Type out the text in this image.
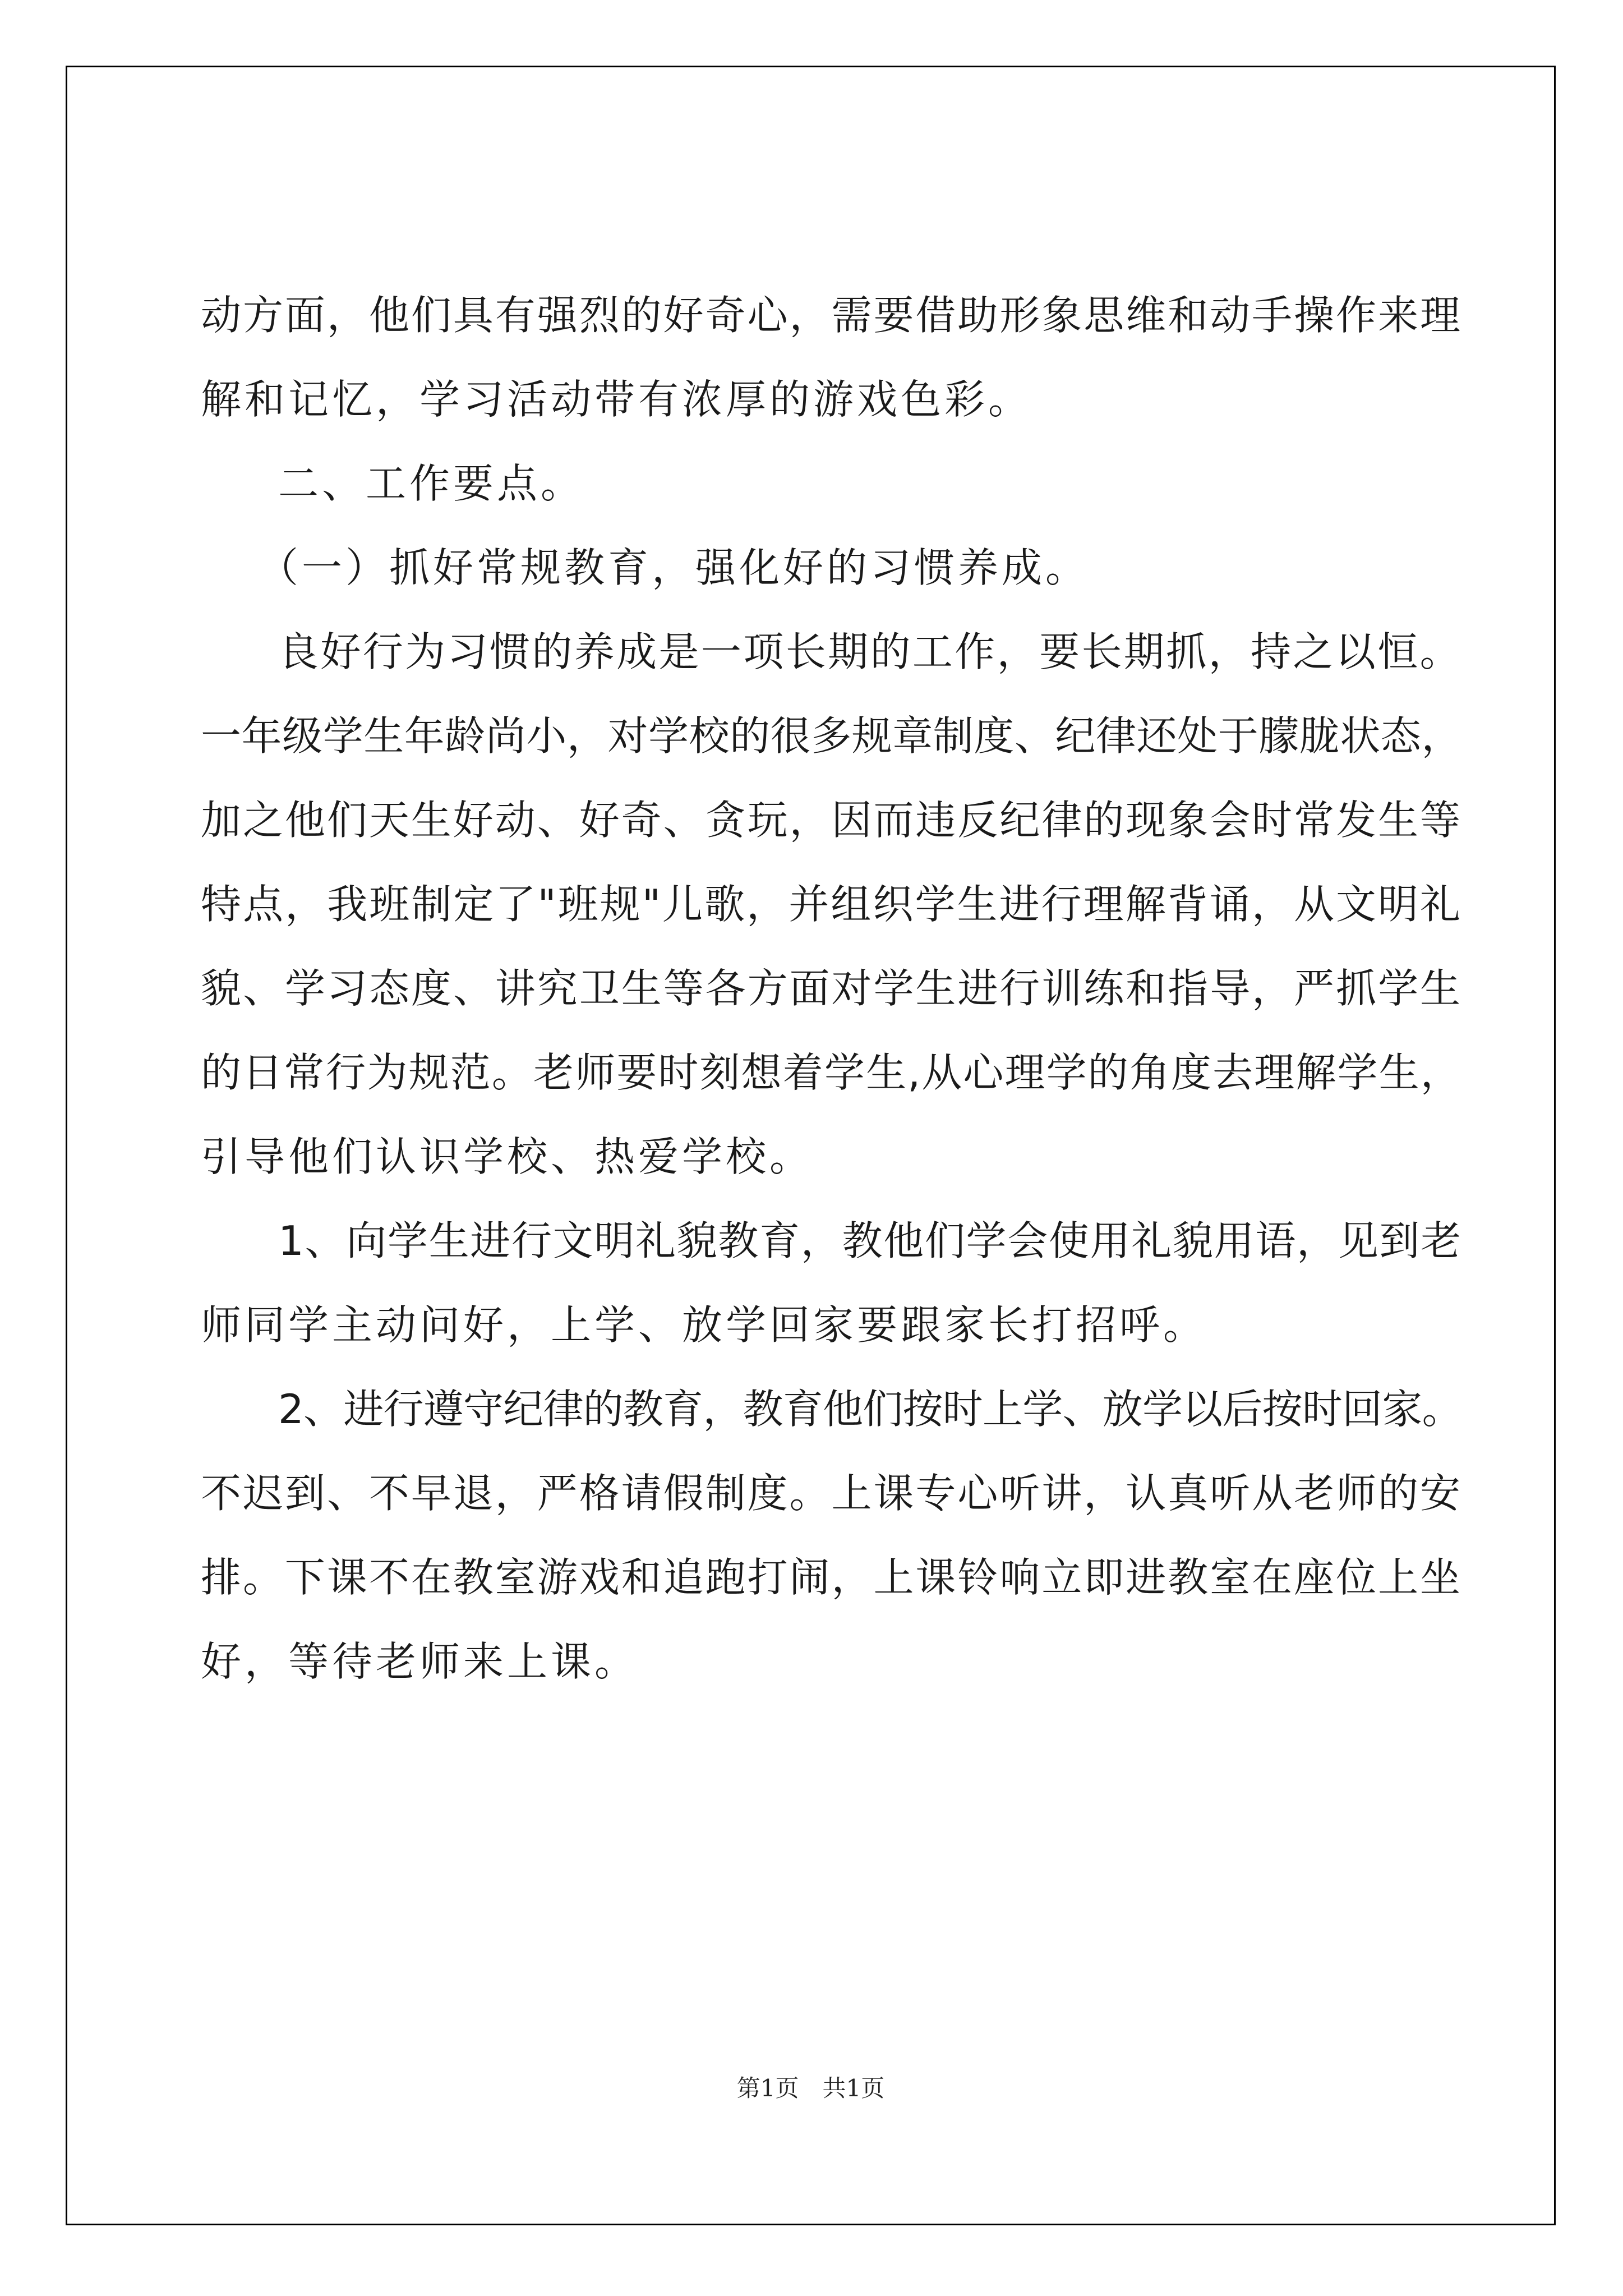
动方面，他们具有强烈的好奇心，需要借助形象思维和动手操作来理
解和记忆，学习活动带有浓厚的游戏色彩。
二、工作要点。
（一）抓好常规教育，强化好的习惯养成。
良好行为习惯的养成是一项长期的工作，要长期抓，持之以恒。
一年级学生年龄尚小，对学校的很多规章制度、纪律还处于朦胧状态，
加之他们天生好动、好奇、贪玩，因而违反纪律的现象会时常发生等
特点，我班制定了"班规"儿歌，并组织学生进行理解背诵，从文明礼
貌、学习态度、讲究卫生等各方面对学生进行训练和指导，严抓学生
的日常行为规范。老师要时刻想着学生,从心理学的角度去理解学生，
引导他们认识学校、热爱学校。
1、向学生进行文明礼貌教育，教他们学会使用礼貌用语，见到老
师同学主动问好，上学、放学回家要跟家长打招呼。
2、进行遵守纪律的教育，教育他们按时上学、放学以后按时回家。
不迟到、不早退，严格请假制度。上课专心听讲，认真听从老师的安
排。下课不在教室游戏和追跑打闹，上课铃响立即进教室在座位上坐
好，等待老师来上课。
第1页　共1页
